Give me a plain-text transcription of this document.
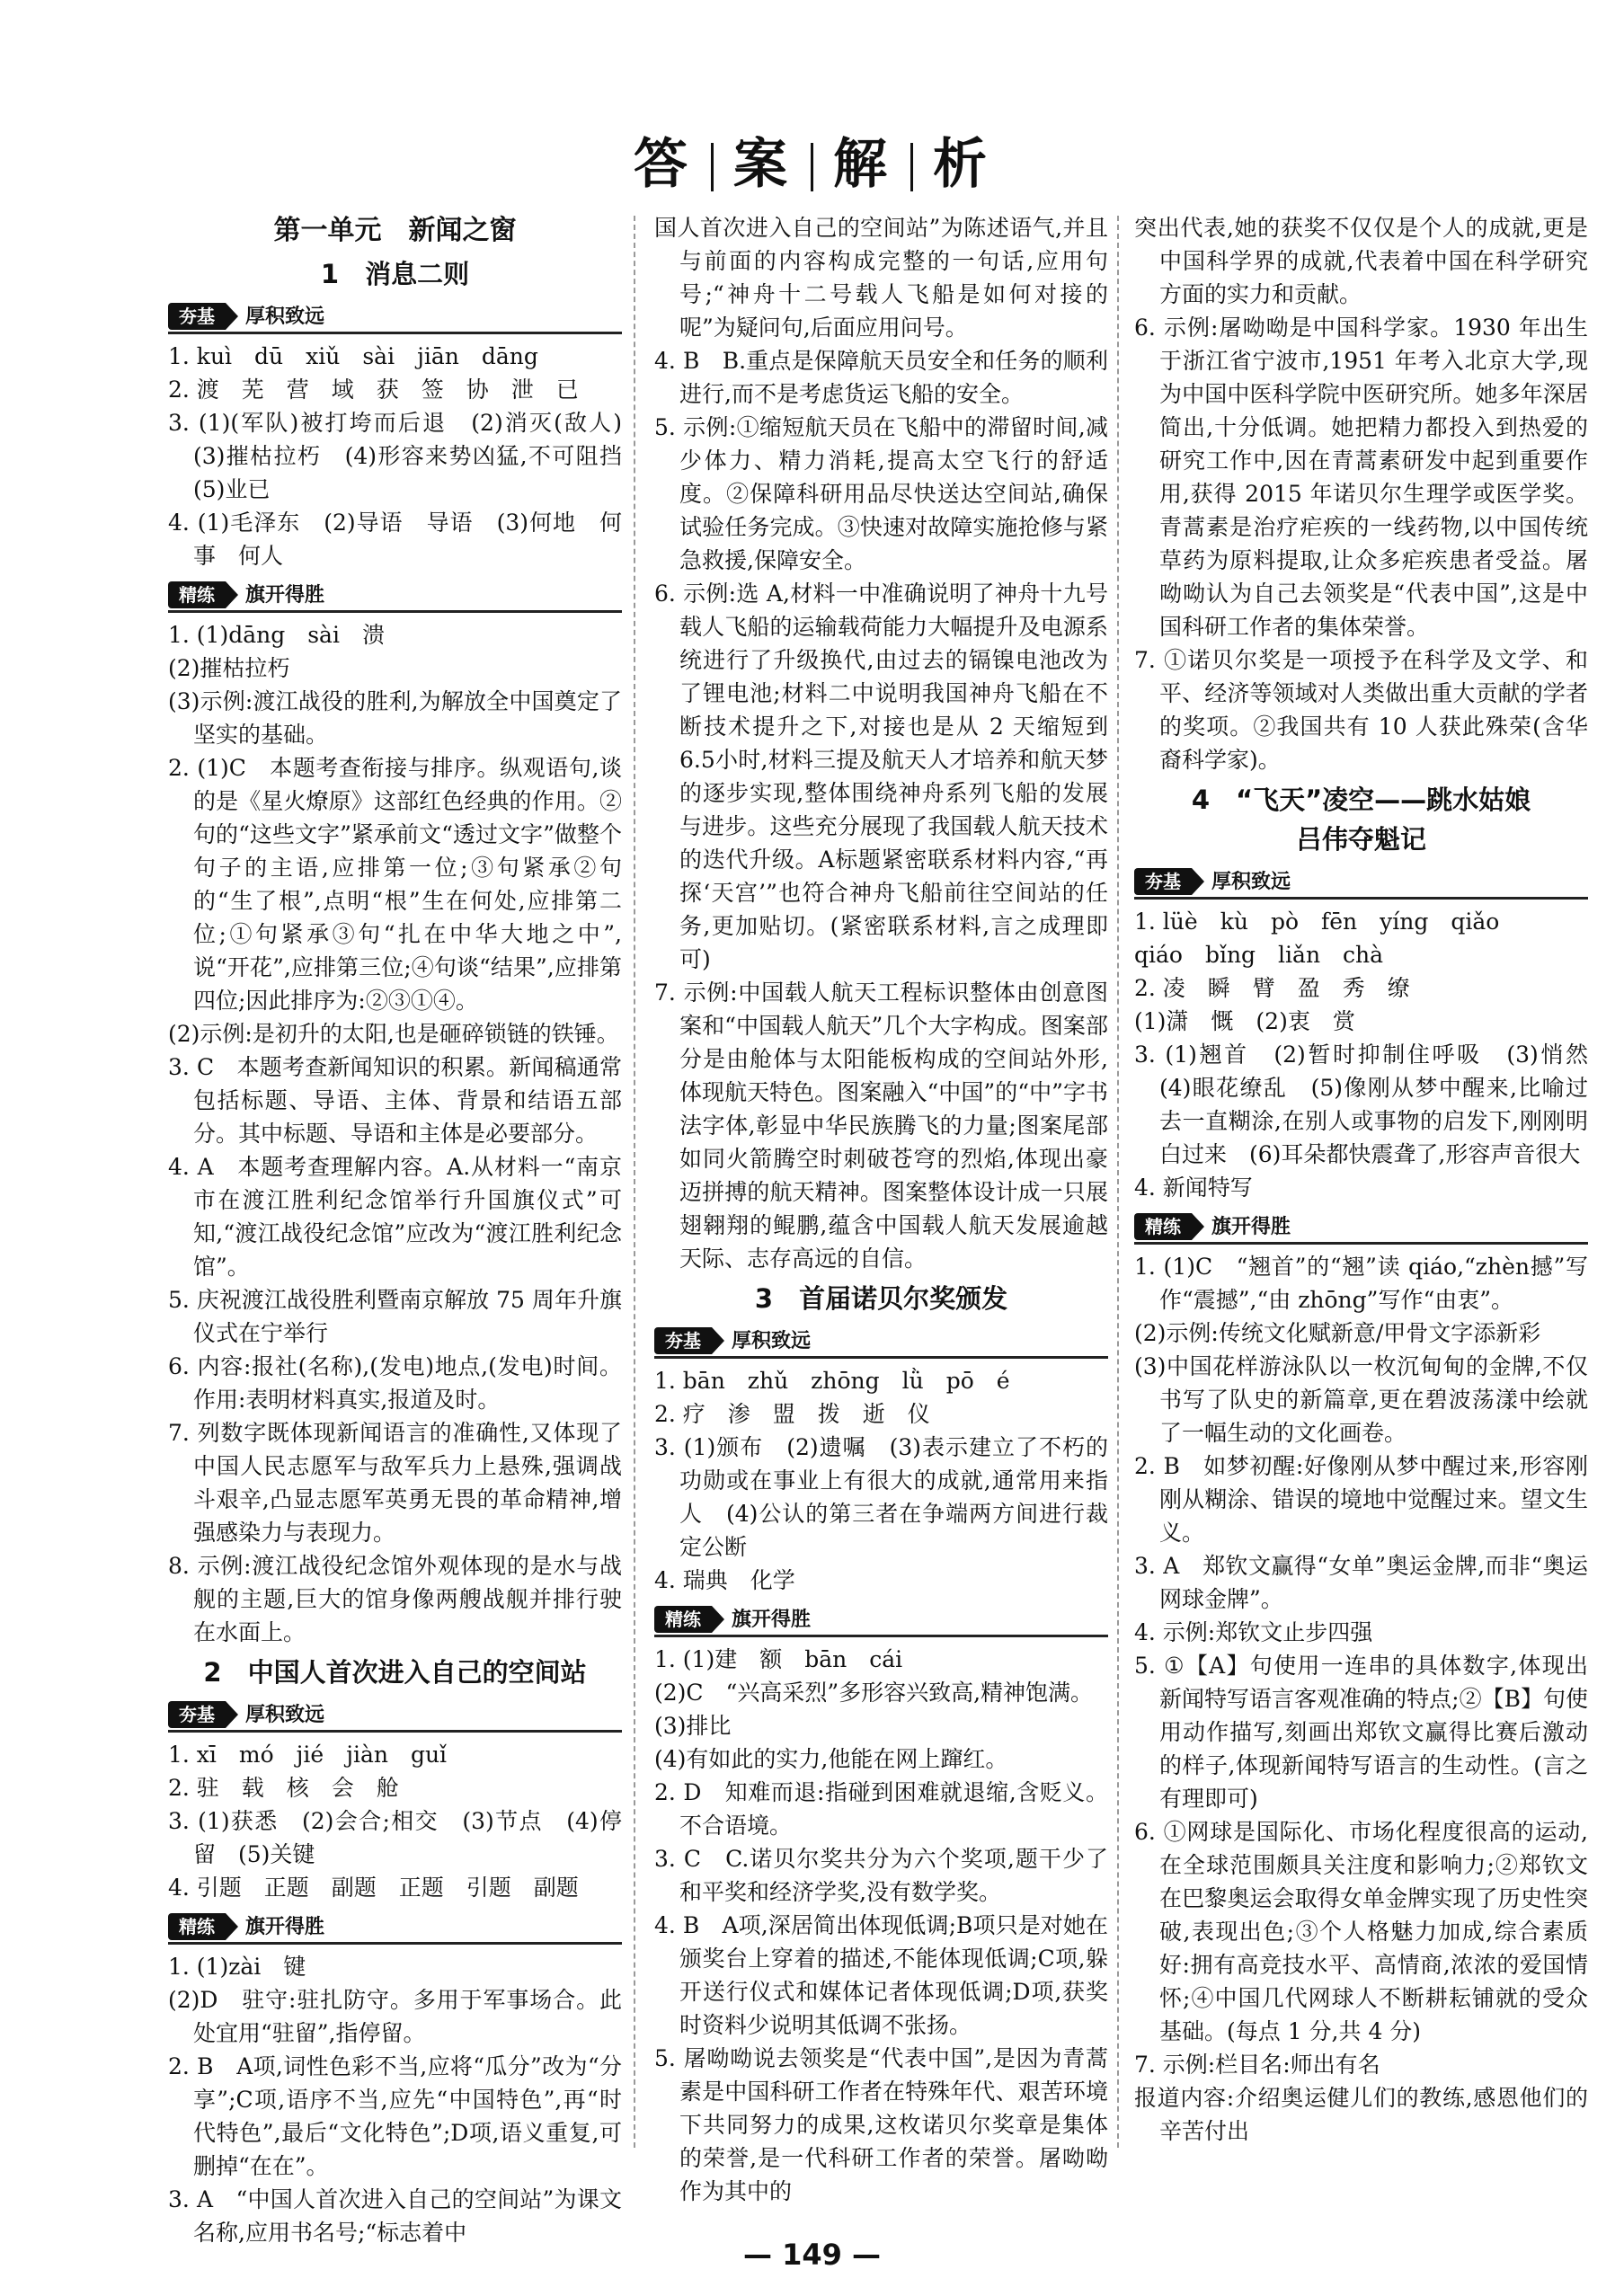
答 案 解 析
第一单元　新闻之窗
1　消息二则
夯基	厚积致远

1. kuì　dū　xiǔ　sài　jiān　dāng

2. 渡　芜　营　域　获　签　协　泄　已

3. (1)(军队)被打垮而后退　(2)消灭(敌人)　(3)摧枯拉朽　(4)形容来势凶猛,不可阻挡　(5)业已

4. (1)毛泽东　(2)导语　导语　(3)何地　何事　何人

精练	旗开得胜

1. (1)dāng　sài　溃

(2)摧枯拉朽

(3)示例:渡江战役的胜利,为解放全中国奠定了坚实的基础。

2. (1)C　本题考查衔接与排序。纵观语句,谈的是《星火燎原》这部红色经典的作用。②句的“这些文字”紧承前文“透过文字”做整个句子的主语,应排第一位;③句紧承②句的“生了根”,点明“根”生在何处,应排第二位;①句紧承③句“扎在中华大地之中”,说“开花”,应排第三位;④句谈“结果”,应排第四位;因此排序为:②③①④。

(2)示例:是初升的太阳,也是砸碎锁链的铁锤。

3. C　本题考查新闻知识的积累。新闻稿通常包括标题、导语、主体、背景和结语五部分。其中标题、导语和主体是必要部分。

4. A　本题考查理解内容。A.从材料一“南京市在渡江胜利纪念馆举行升国旗仪式”可知,“渡江战役纪念馆”应改为“渡江胜利纪念馆”。

5. 庆祝渡江战役胜利暨南京解放 75 周年升旗仪式在宁举行

6. 内容:报社(名称),(发电)地点,(发电)时间。作用:表明材料真实,报道及时。

7. 列数字既体现新闻语言的准确性,又体现了中国人民志愿军与敌军兵力上悬殊,强调战斗艰辛,凸显志愿军英勇无畏的革命精神,增强感染力与表现力。

8. 示例:渡江战役纪念馆外观体现的是水与战舰的主题,巨大的馆身像两艘战舰并排行驶在水面上。

2　中国人首次进入自己的空间站
夯基	厚积致远

1. xī　mó　jié　jiàn　guǐ

2. 驻　载　核　会　舱

3. (1)获悉　(2)会合;相交　(3)节点　(4)停留　(5)关键

4. 引题　正题　副题　正题　引题　副题

精练	旗开得胜

1. (1)zài　键

(2)D　驻守:驻扎防守。多用于军事场合。此处宜用“驻留”,指停留。

2. B　A项,词性色彩不当,应将“瓜分”改为“分享”;C项,语序不当,应先“中国特色”,再“时代特色”,最后“文化特色”;D项,语义重复,可删掉“在在”。

3. A　“中国人首次进入自己的空间站”为课文名称,应用书名号;“标志着中

国人首次进入自己的空间站”为陈述语气,并且与前面的内容构成完整的一句话,应用句号;“神舟十二号载人飞船是如何对接的呢”为疑问句,后面应用问号。

4. B　B.重点是保障航天员安全和任务的顺利进行,而不是考虑货运飞船的安全。

5. 示例:①缩短航天员在飞船中的滞留时间,减少体力、精力消耗,提高太空飞行的舒适度。②保障科研用品尽快送达空间站,确保试验任务完成。③快速对故障实施抢修与紧急救援,保障安全。

6. 示例:选 A,材料一中准确说明了神舟十九号载人飞船的运输载荷能力大幅提升及电源系统进行了升级换代,由过去的镉镍电池改为了锂电池;材料二中说明我国神舟飞船在不断技术提升之下,对接也是从 2 天缩短到6.5小时,材料三提及航天人才培养和航天梦的逐步实现,整体围绕神舟系列飞船的发展与进步。这些充分展现了我国载人航天技术的迭代升级。A标题紧密联系材料内容,“再探‘天宫’”也符合神舟飞船前往空间站的任务,更加贴切。(紧密联系材料,言之成理即可)

7. 示例:中国载人航天工程标识整体由创意图案和“中国载人航天”几个大字构成。图案部分是由舱体与太阳能板构成的空间站外形,体现航天特色。图案融入“中国”的“中”字书法字体,彰显中华民族腾飞的力量;图案尾部如同火箭腾空时刺破苍穹的烈焰,体现出豪迈拼搏的航天精神。图案整体设计成一只展翅翱翔的鲲鹏,蕴含中国载人航天发展逾越天际、志存高远的自信。

3　首届诺贝尔奖颁发
夯基	厚积致远

1. bān　zhǔ　zhōng　lǜ　pō　é

2. 疗　渗　盟　拨　逝　仪

3. (1)颁布　(2)遗嘱　(3)表示建立了不朽的功勋或在事业上有很大的成就,通常用来指人　(4)公认的第三者在争端两方间进行裁定公断

4. 瑞典　化学

精练	旗开得胜

1. (1)建　额　bān　cái

(2)C　“兴高采烈”多形容兴致高,精神饱满。

(3)排比

(4)有如此的实力,他能在网上蹿红。

2. D　知难而退:指碰到困难就退缩,含贬义。不合语境。

3. C　C.诺贝尔奖共分为六个奖项,题干少了和平奖和经济学奖,没有数学奖。

4. B　A项,深居简出体现低调;B项只是对她在颁奖台上穿着的描述,不能体现低调;C项,躲开送行仪式和媒体记者体现低调;D项,获奖时资料少说明其低调不张扬。

5. 屠呦呦说去领奖是“代表中国”,是因为青蒿素是中国科研工作者在特殊年代、艰苦环境下共同努力的成果,这枚诺贝尔奖章是集体的荣誉,是一代科研工作者的荣誉。屠呦呦作为其中的

突出代表,她的获奖不仅仅是个人的成就,更是中国科学界的成就,代表着中国在科学研究方面的实力和贡献。

6. 示例:屠呦呦是中国科学家。1930 年出生于浙江省宁波市,1951 年考入北京大学,现为中国中医科学院中医研究所。她多年深居简出,十分低调。她把精力都投入到热爱的研究工作中,因在青蒿素研发中起到重要作用,获得 2015 年诺贝尔生理学或医学奖。青蒿素是治疗疟疾的一线药物,以中国传统草药为原料提取,让众多疟疾患者受益。屠呦呦认为自己去领奖是“代表中国”,这是中国科研工作者的集体荣誉。

7. ①诺贝尔奖是一项授予在科学及文学、和平、经济等领域对人类做出重大贡献的学者的奖项。②我国共有 10 人获此殊荣(含华裔科学家)。

4　“飞天”凌空——跳水姑娘
吕伟夺魁记
夯基	厚积致远

1. lüè　kù　pò　fēn　yíng　qiǎo

qiáo　bǐng　liǎn　chà

2. 凌　瞬　臂　盈　秀　缭

(1)潇　慨　(2)衷　赏

3. (1)翘首　(2)暂时抑制住呼吸　(3)悄然　(4)眼花缭乱　(5)像刚从梦中醒来,比喻过去一直糊涂,在别人或事物的启发下,刚刚明白过来　(6)耳朵都快震聋了,形容声音很大

4. 新闻特写

精练	旗开得胜

1. (1)C　“翘首”的“翘”读 qiáo,“zhèn撼”写作“震撼”,“由 zhōng”写作“由衷”。

(2)示例:传统文化赋新意/甲骨文字添新彩

(3)中国花样游泳队以一枚沉甸甸的金牌,不仅书写了队史的新篇章,更在碧波荡漾中绘就了一幅生动的文化画卷。

2. B　如梦初醒:好像刚从梦中醒过来,形容刚刚从糊涂、错误的境地中觉醒过来。望文生义。

3. A　郑钦文赢得“女单”奥运金牌,而非“奥运网球金牌”。

4. 示例:郑钦文止步四强

5. ①【A】句使用一连串的具体数字,体现出新闻特写语言客观准确的特点;②【B】句使用动作描写,刻画出郑钦文赢得比赛后激动的样子,体现新闻特写语言的生动性。(言之有理即可)

6. ①网球是国际化、市场化程度很高的运动,在全球范围颇具关注度和影响力;②郑钦文在巴黎奥运会取得女单金牌实现了历史性突破,表现出色;③个人格魅力加成,综合素质好:拥有高竞技水平、高情商,浓浓的爱国情怀;④中国几代网球人不断耕耘铺就的受众基础。(每点 1 分,共 4 分)

7. 示例:栏目名:师出有名

报道内容:介绍奥运健儿们的教练,感恩他们的辛苦付出

— 149 —
